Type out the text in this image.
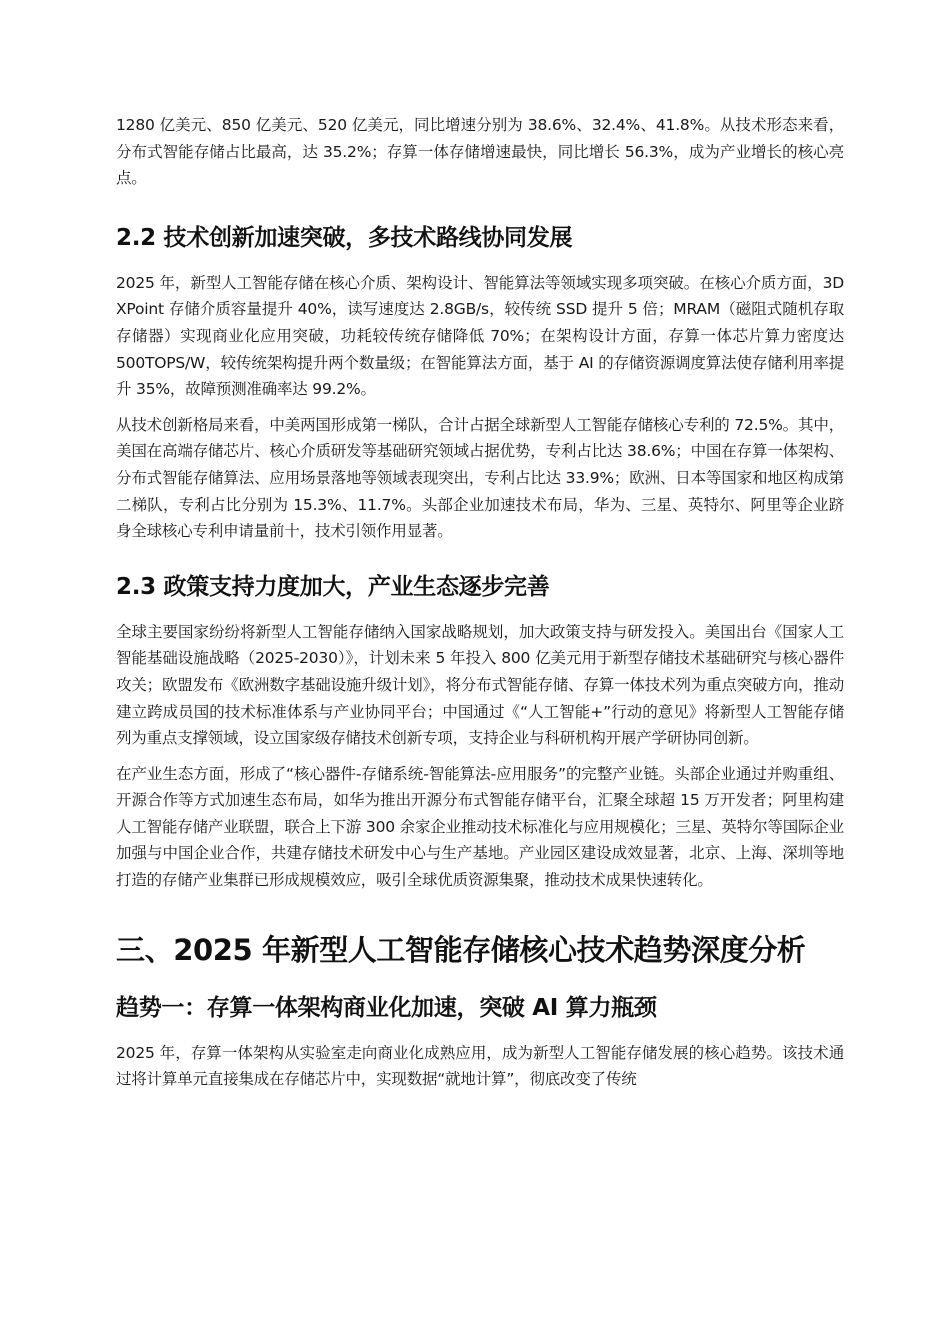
1280 亿美元、850 亿美元、520 亿美元，同比增速分别为 38.6%、32.4%、41.8%。从技术形态来看，分布式智能存储占比最高，达 35.2%；存算一体存储增速最快，同比增长 56.3%，成为产业增长的核心亮点。

2.2 技术创新加速突破，多技术路线协同发展

2025 年，新型人工智能存储在核心介质、架构设计、智能算法等领域实现多项突破。在核心介质方面，3D XPoint 存储介质容量提升 40%，读写速度达 2.8GB/s，较传统 SSD 提升 5 倍；MRAM（磁阻式随机存取存储器）实现商业化应用突破，功耗较传统存储降低 70%；在架构设计方面，存算一体芯片算力密度达 500TOPS/W，较传统架构提升两个数量级；在智能算法方面，基于 AI 的存储资源调度算法使存储利用率提升 35%，故障预测准确率达 99.2%。

从技术创新格局来看，中美两国形成第一梯队，合计占据全球新型人工智能存储核心专利的 72.5%。其中，美国在高端存储芯片、核心介质研发等基础研究领域占据优势，专利占比达 38.6%；中国在存算一体架构、分布式智能存储算法、应用场景落地等领域表现突出，专利占比达 33.9%；欧洲、日本等国家和地区构成第二梯队，专利占比分别为 15.3%、11.7%。头部企业加速技术布局，华为、三星、英特尔、阿里等企业跻身全球核心专利申请量前十，技术引领作用显著。

2.3 政策支持力度加大，产业生态逐步完善

全球主要国家纷纷将新型人工智能存储纳入国家战略规划，加大政策支持与研发投入。美国出台《国家人工智能基础设施战略（2025-2030）》，计划未来 5 年投入 800 亿美元用于新型存储技术基础研究与核心器件攻关；欧盟发布《欧洲数字基础设施升级计划》，将分布式智能存储、存算一体技术列为重点突破方向，推动建立跨成员国的技术标准体系与产业协同平台；中国通过《“人工智能+”行动的意见》将新型人工智能存储列为重点支撑领域，设立国家级存储技术创新专项，支持企业与科研机构开展产学研协同创新。

在产业生态方面，形成了“核心器件-存储系统-智能算法-应用服务”的完整产业链。头部企业通过并购重组、开源合作等方式加速生态布局，如华为推出开源分布式智能存储平台，汇聚全球超 15 万开发者；阿里构建人工智能存储产业联盟，联合上下游 300 余家企业推动技术标准化与应用规模化；三星、英特尔等国际企业加强与中国企业合作，共建存储技术研发中心与生产基地。产业园区建设成效显著，北京、上海、深圳等地打造的存储产业集群已形成规模效应，吸引全球优质资源集聚，推动技术成果快速转化。

三、2025 年新型人工智能存储核心技术趋势深度分析
趋势一：存算一体架构商业化加速，突破 AI 算力瓶颈

2025 年，存算一体架构从实验室走向商业化成熟应用，成为新型人工智能存储发展的核心趋势。该技术通过将计算单元直接集成在存储芯片中，实现数据“就地计算”，彻底改变了传统
